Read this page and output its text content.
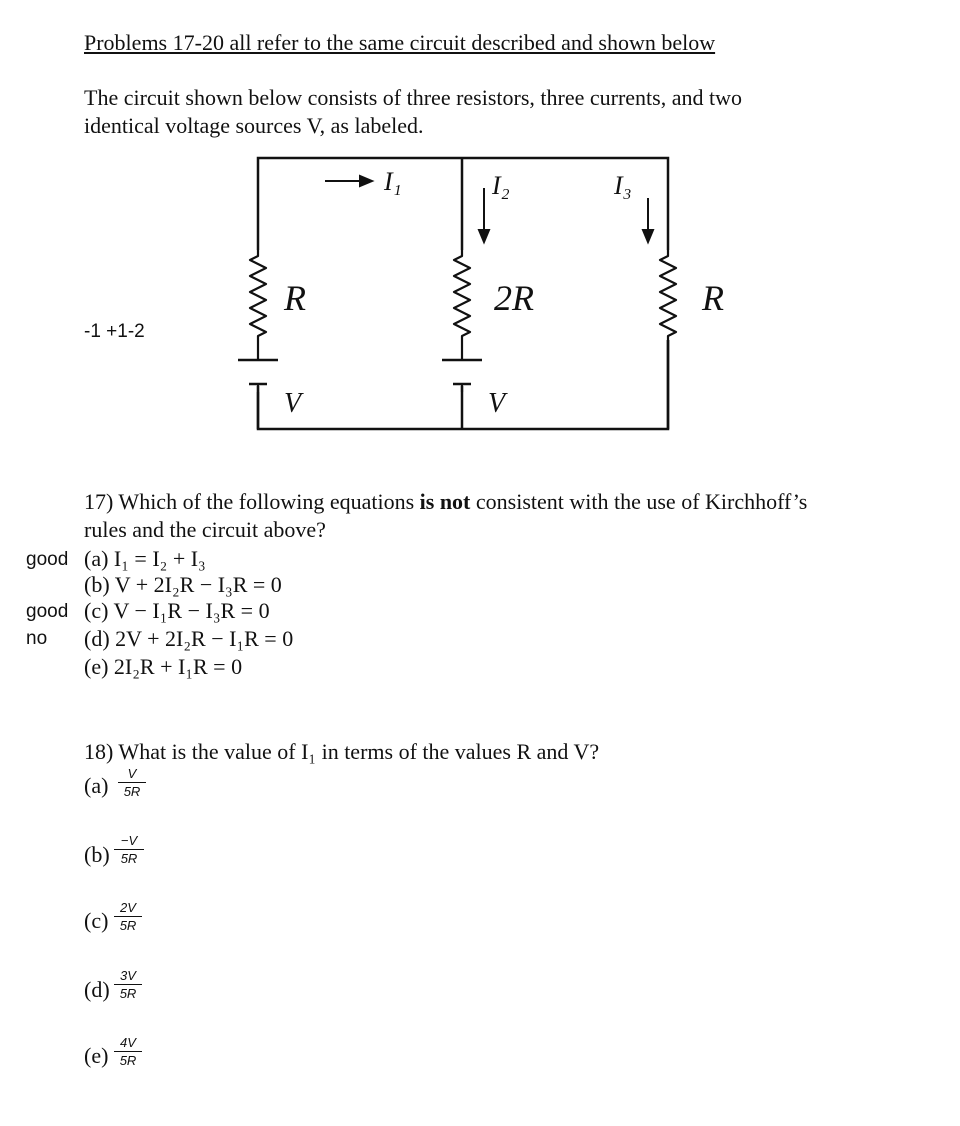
Problems 17-20 all refer to the same circuit described and shown below
The circuit shown below consists of three resistors, three currents, and two
identical voltage sources V, as labeled.
-1 +1-2
I₁	I₂	I₃
R	2R	R
V	V
17) Which of the following equations is not consistent with the use of Kirchhoff’s
rules and the circuit above?
good (a) I₁ = I₂ + I₃
(b) V + 2I₂R − I₃R = 0
good (c) V − I₁R − I₃R = 0
no (d) 2V + 2I₂R − I₁R = 0
(e) 2I₂R + I₁R = 0
18) What is the value of I₁ in terms of the values R and V?
(a)	V
5R
(b)
−V
5R
(c)
2V
5R
(d)
3V
5R
(e)
4V
5R
